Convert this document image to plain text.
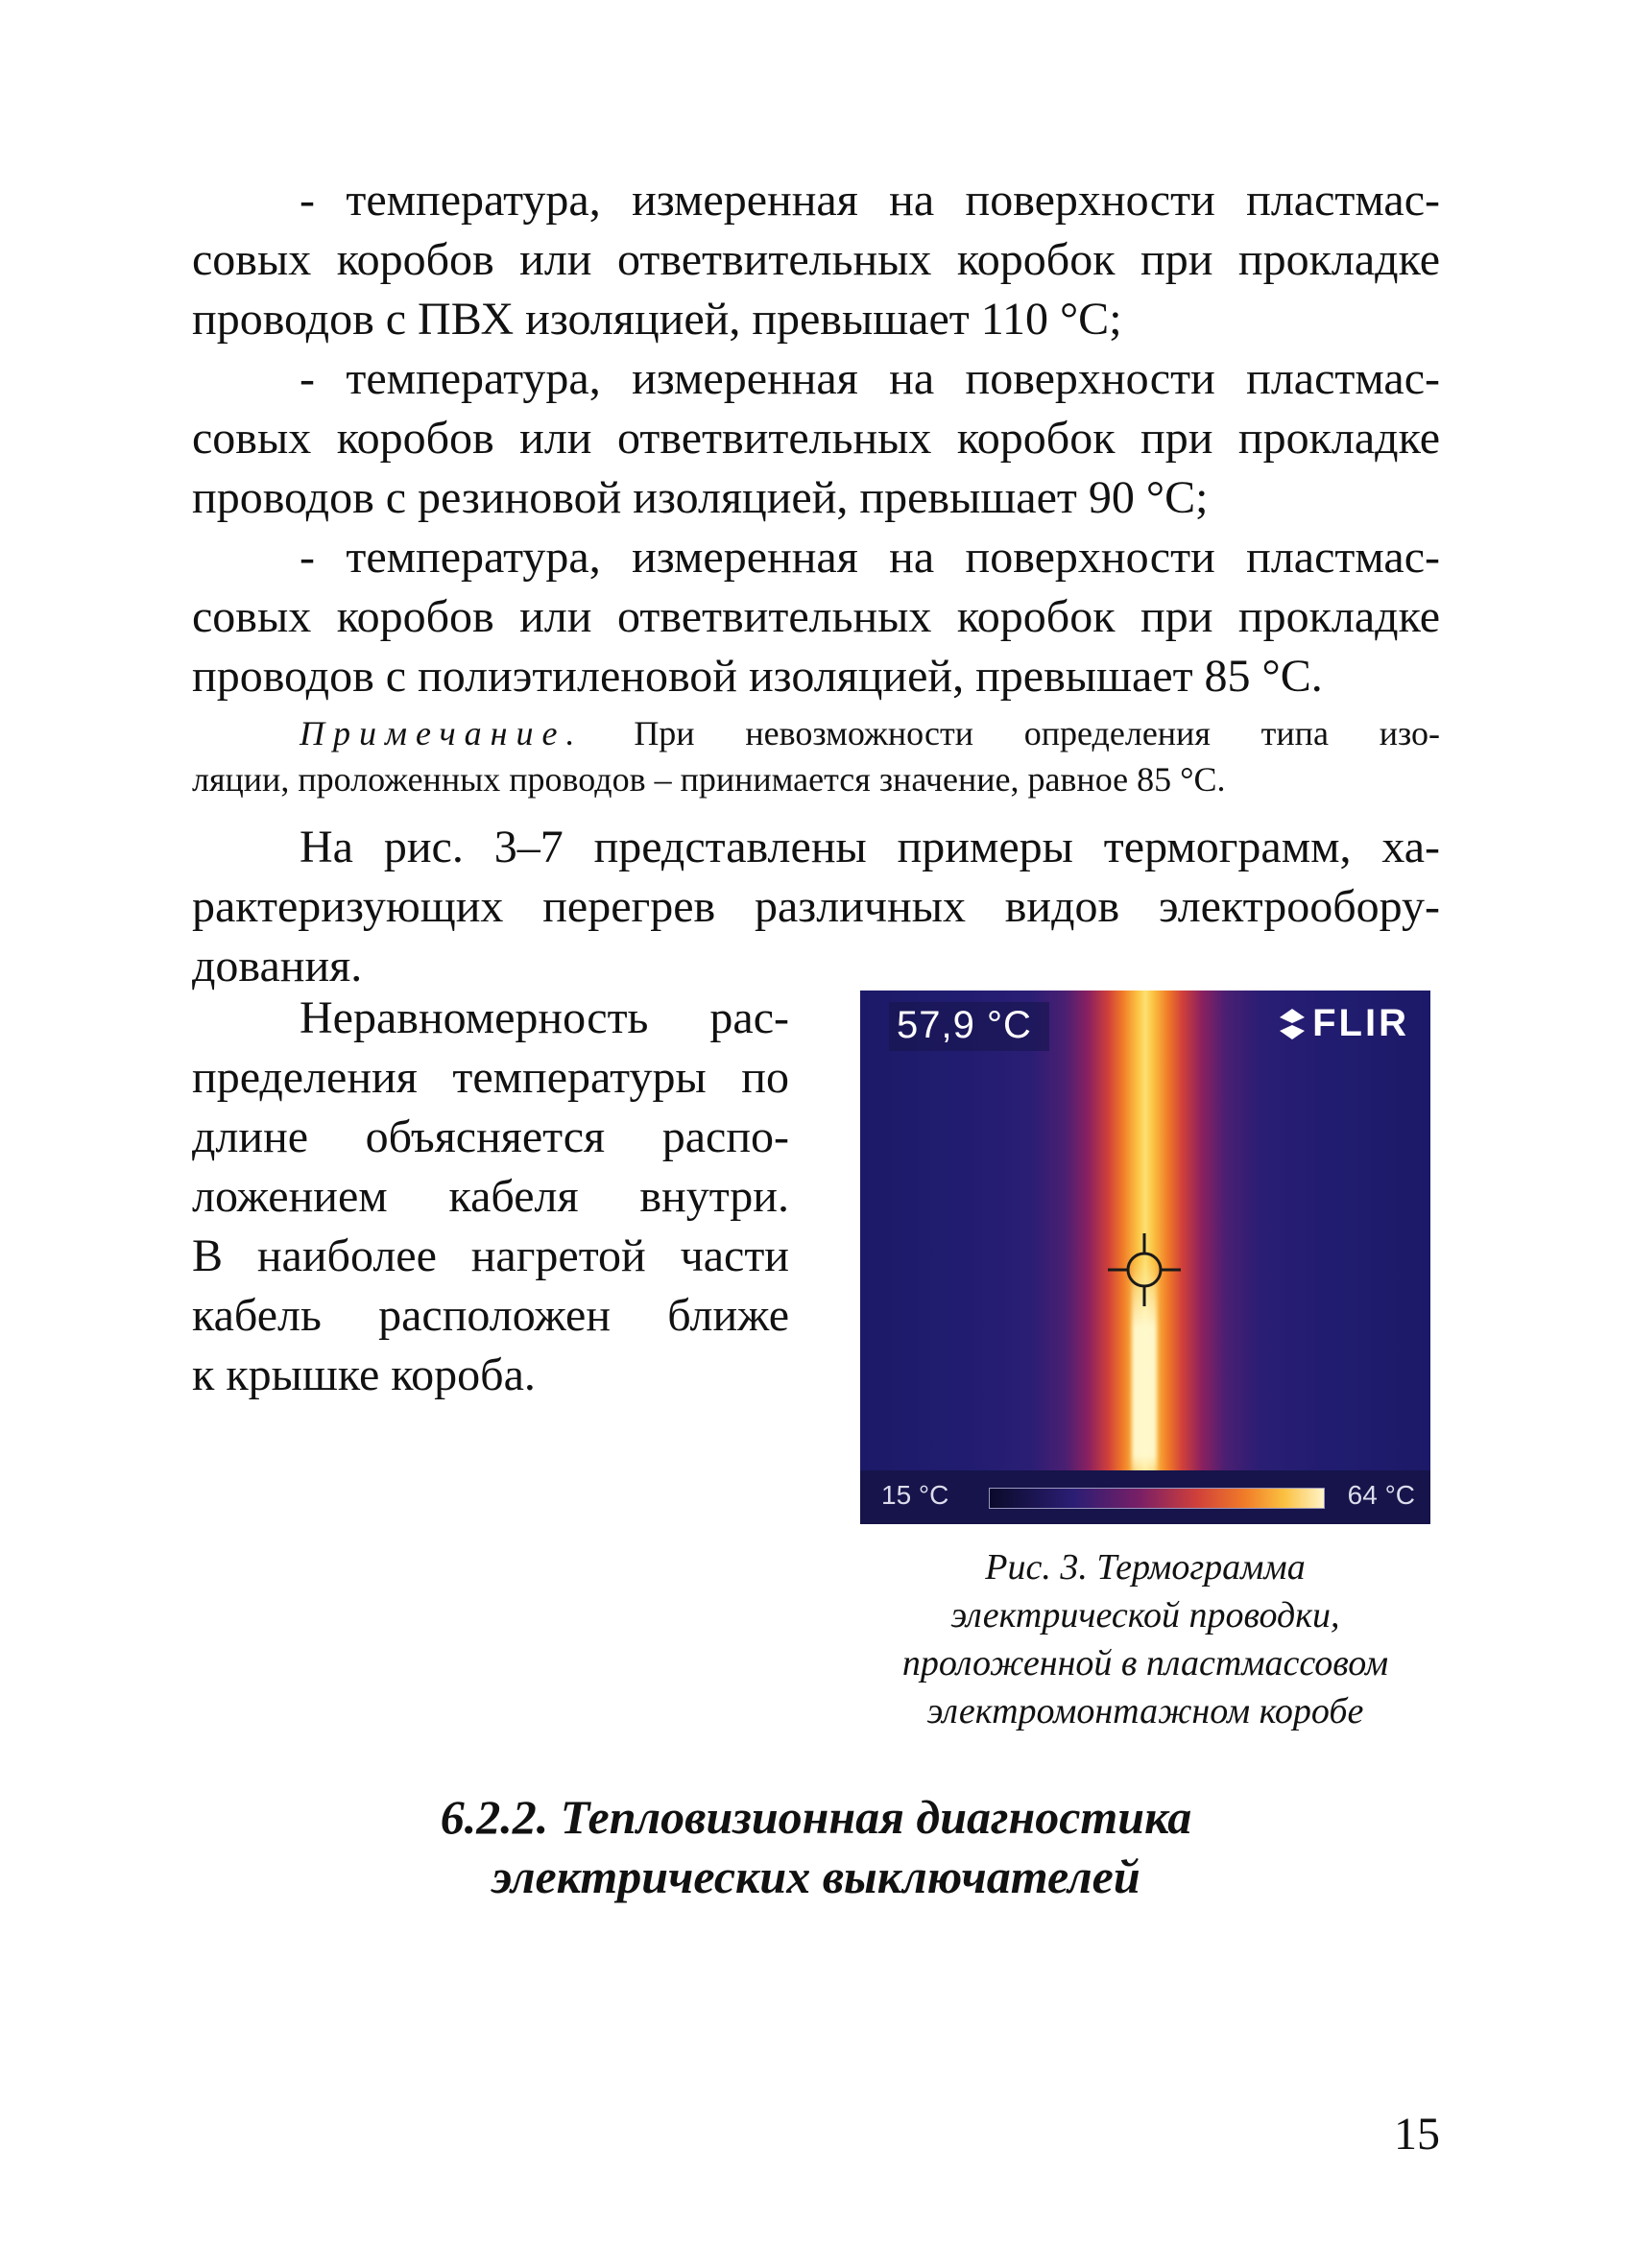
- температура, измеренная на поверхности пластмас-
совых коробов или ответвительных коробок при прокладке
проводов с ПВХ изоляцией, превышает 110 °С;

- температура, измеренная на поверхности пластмас-
совых коробов или ответвительных коробок при прокладке
проводов с резиновой изоляцией, превышает 90 °С;

- температура, измеренная на поверхности пластмас-
совых коробов или ответвительных коробок при прокладке
проводов с полиэтиленовой изоляцией, превышает 85 °С.

Примечание. При невозможности определения типа изо-
ляции, проложенных проводов – принимается значение, равное 85 °С.
На рис. 3–7 представлены примеры термограмм, ха-
рактеризующих перегрев различных видов электрообору-
дования.
Неравномерность рас-
пределения температуры по
длине объясняется распо-
ложением кабеля внутри.
В наиболее нагретой части
кабель расположен ближе
к крышке короба.
57,9 °C	FLIR
15 °C	64 °C
Рис. 3. Термограмма
электрической проводки,
проложенной в пластмассовом
электромонтажном коробе
6.2.2. Тепловизионная диагностика
электрических выключателей
15
